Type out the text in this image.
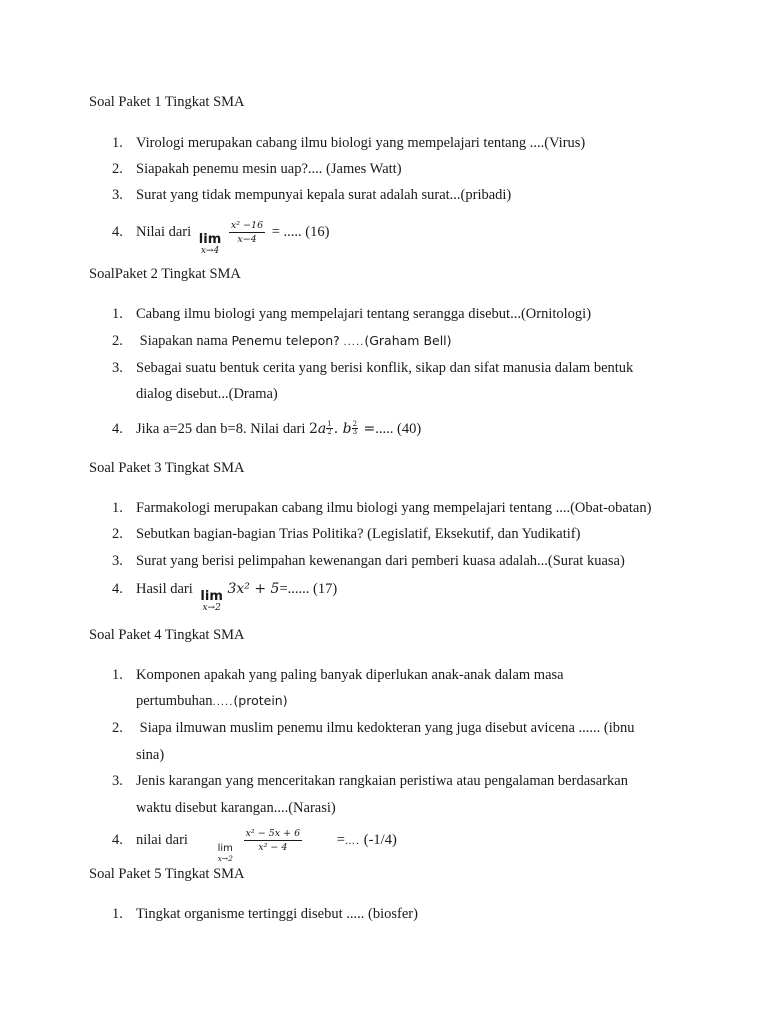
Soal Paket 1 Tingkat SMA
1. Virologi merupakan cabang ilmu biologi yang mempelajari tentang ....(Virus)
2. Siapakah penemu mesin uap?.... (James Watt)
3. Surat yang tidak mempunyai kepala surat adalah surat...(pribadi)
4. Nilai dari lim
x→4

$\frac{\text{x² −16}}{x-4}$ = ..... (16)
SoalPaket 2 Tingkat SMA
1. Cabang ilmu biologi yang mempelajari tentang serangga disebut...(Ornitologi)
2. Siapakan nama Penemu telepon? .....(Graham Bell)
3. Sebagai suatu bentuk cerita yang berisi konflik, sikap dan sifat manusia dalam bentuk
dialog disebut...(Drama)
4. Jika a=25 dan b=8. Nilai dari $2a \frac{1}{2}$ . b $\frac{2}{3}$ =..... (40)
Soal Paket 3 Tingkat SMA
1. Farmakologi merupakan cabang ilmu biologi yang mempelajari tentang ....(Obat-obatan)
2. Sebutkan bagian-bagian Trias Politika? (Legislatif, Eksekutif, dan Yudikatif)
3. Surat yang berisi pelimpahan kewenangan dari pemberi kuasa adalah...(Surat kuasa)
4. Hasil dari lim
x→2
3x² + 5=...... (17)
Soal Paket 4 Tingkat SMA
1. Komponen apakah yang paling banyak diperlukan anak-anak dalam masa
pertumbuhan.....(protein)
2. Siapa ilmuwan muslim penemu ilmu kedokteran yang juga disebut avicena ...... (ibnu
sina)
3. Jenis karangan yang menceritakan rangkaian peristiwa atau pengalaman berdasarkan
waktu disebut karangan....(Narasi)
4. nilai dari
lim
x→2

$\frac{\text{x² − 5x + 6}}{\text{x² − 4}}$ =…. (-1/4)
Soal Paket 5 Tingkat SMA
1. Tingkat organisme tertinggi disebut ..... (biosfer)
